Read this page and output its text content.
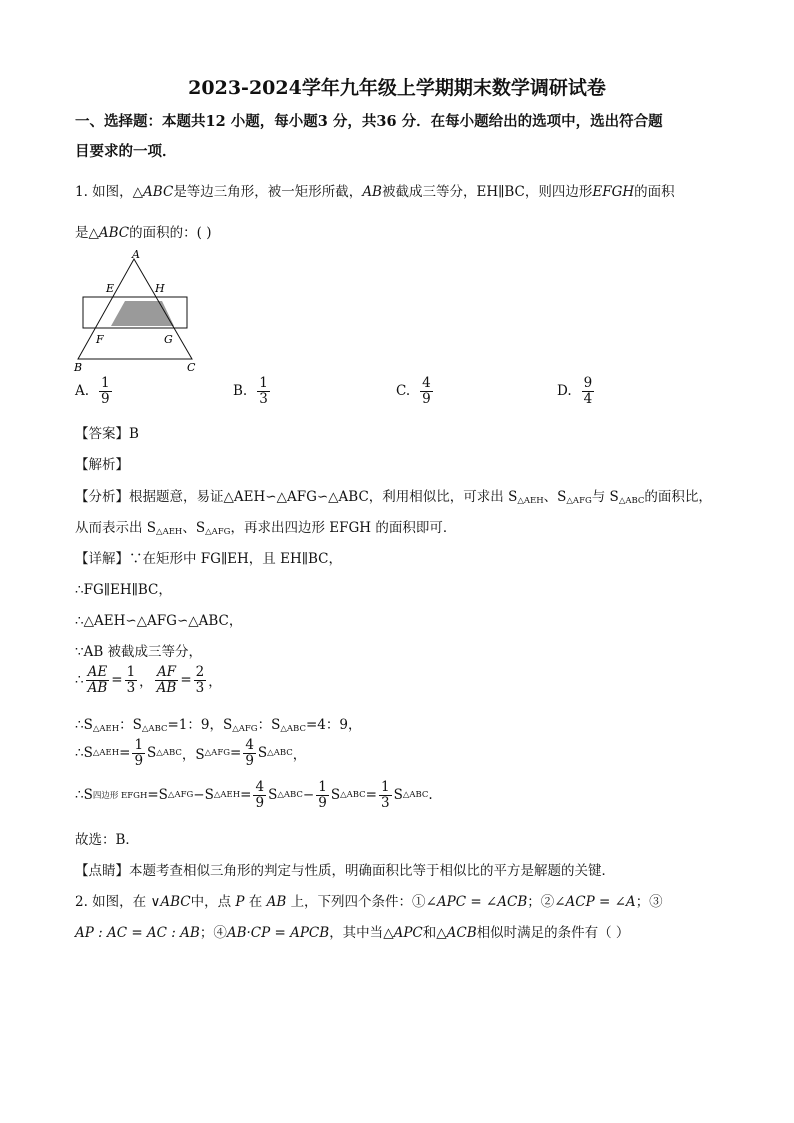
2023-2024学年九年级上学期期末数学调研试卷
一、选择题：本题共12 小题，每小题3 分，共36 分．在每小题给出的选项中，选出符合题
目要求的一项．
1. 如图，△ABC是等边三角形，被一矩形所截，AB被截成三等分，EH∥BC，则四边形EFGH的面积
是△ABC的面积的：( )
A
B	C
E	H
F	G
A. $\frac{1}{9}$	B. $\frac{1}{3}$	C. $\frac{4}{9}$	D. $\frac{9}{4}$
【答案】B
【解析】
【分析】根据题意，易证△AEH∽△AFG∽△ABC，利用相似比，可求出 $S_{\triangle AEH}$、$S_{\triangle AFG}$与 $S_{\triangle ABC}$的面积比，
从而表示出 $S_{\triangle AEH}$、$S_{\triangle AFG}$，再求出四边形 EFGH 的面积即可．
【详解】∵在矩形中 FG∥EH，且 EH∥BC，
∴FG∥EH∥BC，
∴△AEH∽△AFG∽△ABC，
∵AB 被截成三等分，
∴ $\frac{AE}{AB} = \frac{1}{3}$ ， $\frac{AF}{AB} = \frac{2}{3}$ ，
$\therefore S_{\triangle AEH}$：$S_{\triangle ABC}=1$：9，$S_{\triangle AFG}$：$S_{\triangle ABC}=4$：9，
∴S △AEH = $\frac{1}{9}$ S △ABC ，S △AFG = $\frac{4}{9}$ S △ABC ，
∴S 四边形 EFGH =S △AFG −S △AEH = $\frac{4}{9}$ S △ABC − $\frac{1}{9}$ S △ABC = $\frac{1}{3}$ S △ABC .
故选：B．
【点睛】本题考查相似三角形的判定与性质，明确面积比等于相似比的平方是解题的关键．
2. 如图，在 ∨ABC中，点 P 在 AB 上，下列四个条件：①∠APC = ∠ACB；②∠ACP = ∠A；③
AP : AC = AC : AB；④AB·CP = APCB，其中当△APC和△ACB相似时满足的条件有（ ）
